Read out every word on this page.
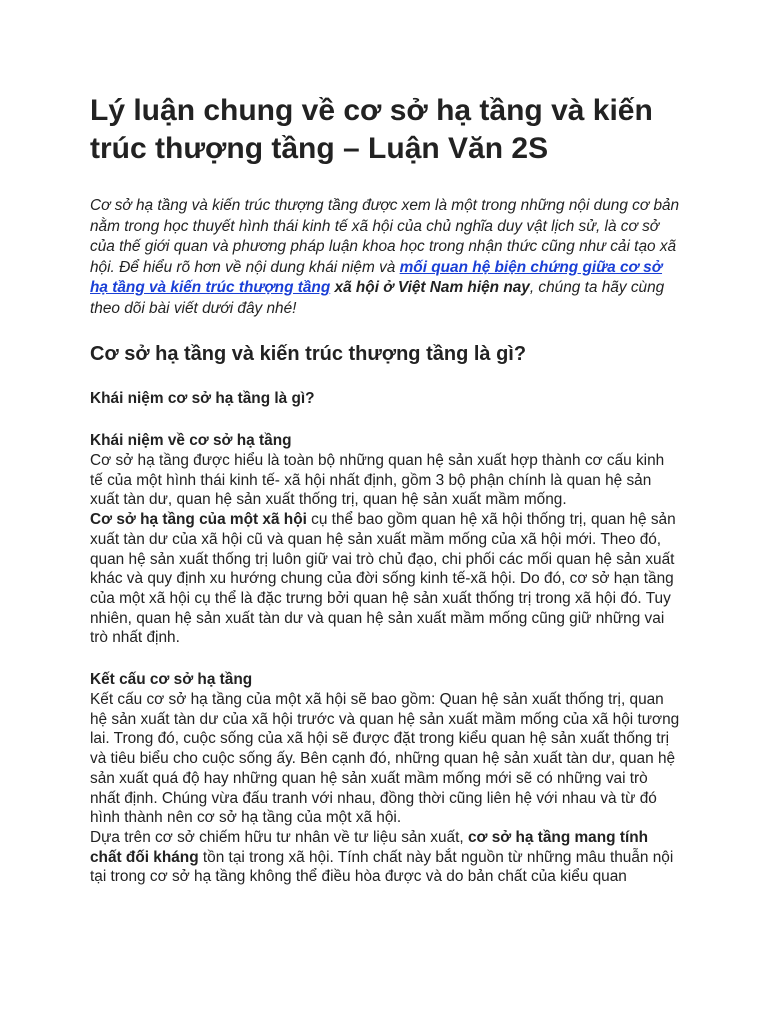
Lý luận chung về cơ sở hạ tầng và kiến trúc thượng tầng – Luận Văn 2S

Cơ sở hạ tầng và kiến trúc thượng tầng được xem là một trong những nội dung cơ bản nằm trong học thuyết hình thái kinh tế xã hội của chủ nghĩa duy vật lịch sử, là cơ sở của thế giới quan và phương pháp luận khoa học trong nhận thức cũng như cải tạo xã hội. Để hiểu rõ hơn về nội dung khái niệm và mối quan hệ biện chứng giữa cơ sở hạ tầng và kiến trúc thượng tầng xã hội ở Việt Nam hiện nay, chúng ta hãy cùng theo dõi bài viết dưới đây nhé!

Cơ sở hạ tầng và kiến trúc thượng tầng là gì?
Khái niệm cơ sở hạ tầng là gì?
Khái niệm về cơ sở hạ tầng

Cơ sở hạ tầng được hiểu là toàn bộ những quan hệ sản xuất hợp thành cơ cấu kinh tế của một hình thái kinh tế- xã hội nhất định, gồm 3 bộ phận chính là quan hệ sản xuất tàn dư, quan hệ sản xuất thống trị, quan hệ sản xuất mầm mống.

Cơ sở hạ tầng của một xã hội cụ thể bao gồm quan hệ xã hội thống trị, quan hệ sản xuất tàn dư của xã hội cũ và quan hệ sản xuất mầm mống của xã hội mới. Theo đó, quan hệ sản xuất thống trị luôn giữ vai trò chủ đạo, chi phối các mối quan hệ sản xuất khác và quy định xu hướng chung của đời sống kinh tế-xã hội. Do đó, cơ sở hạn tầng của một xã hội cụ thể là đặc trưng bởi quan hệ sản xuất thống trị trong xã hội đó. Tuy nhiên, quan hệ sản xuất tàn dư và quan hệ sản xuất mầm mống cũng giữ những vai trò nhất định.

Kết cấu cơ sở hạ tầng

Kết cấu cơ sở hạ tầng của một xã hội sẽ bao gồm: Quan hệ sản xuất thống trị, quan hệ sản xuất tàn dư của xã hội trước và quan hệ sản xuất mầm mống của xã hội tương lai. Trong đó, cuộc sống của xã hội sẽ được đặt trong kiểu quan hệ sản xuất thống trị và tiêu biểu cho cuộc sống ấy. Bên cạnh đó, những quan hệ sản xuất tàn dư, quan hệ sản xuất quá độ hay những quan hệ sản xuất mầm mống mới sẽ có những vai trò nhất định. Chúng vừa đấu tranh với nhau, đồng thời cũng liên hệ với nhau và từ đó hình thành nên cơ sở hạ tầng của một xã hội.

Dựa trên cơ sở chiếm hữu tư nhân về tư liệu sản xuất, cơ sở hạ tầng mang tính chất đối kháng tồn tại trong xã hội. Tính chất này bắt nguồn từ những mâu thuẫn nội tại trong cơ sở hạ tầng không thể điều hòa được và do bản chất của kiểu quan
